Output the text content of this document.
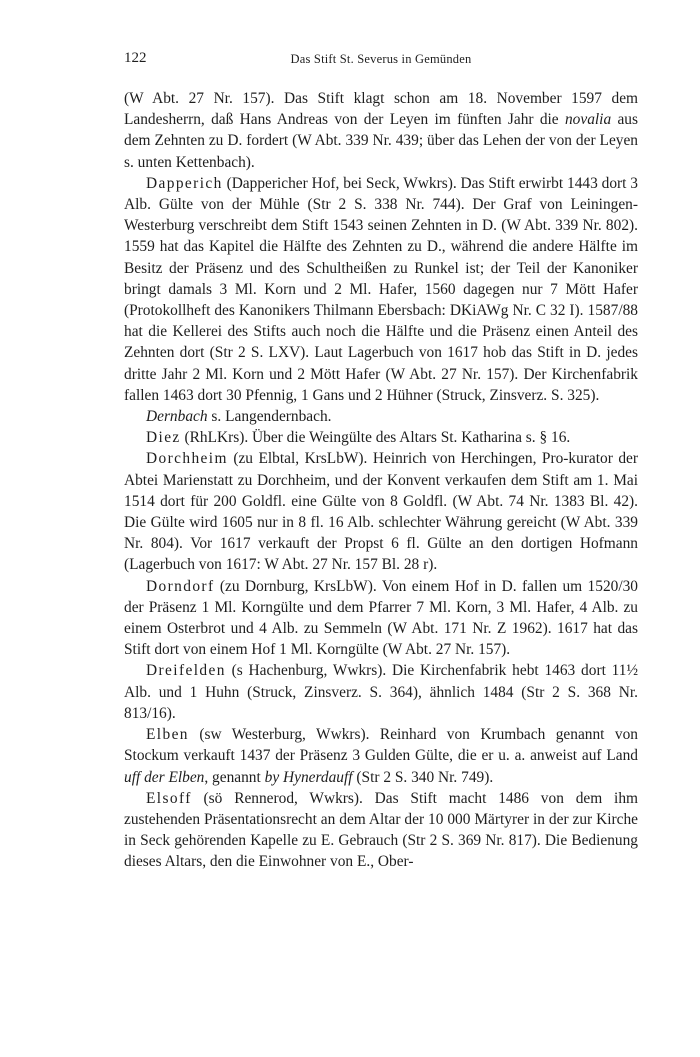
122	Das Stift St. Severus in Gemünden

(W Abt. 27 Nr. 157). Das Stift klagt schon am 18. November 1597 dem Landesherrn, daß Hans Andreas von der Leyen im fünften Jahr die novalia aus dem Zehnten zu D. fordert (W Abt. 339 Nr. 439; über das Lehen der von der Leyen s. unten Kettenbach).

Dapperich (Dappericher Hof, bei Seck, Wwkrs). Das Stift erwirbt 1443 dort 3 Alb. Gülte von der Mühle (Str 2 S. 338 Nr. 744). Der Graf von Leiningen-Westerburg verschreibt dem Stift 1543 seinen Zehnten in D. (W Abt. 339 Nr. 802). 1559 hat das Kapitel die Hälfte des Zehnten zu D., während die andere Hälfte im Besitz der Präsenz und des Schultheißen zu Runkel ist; der Teil der Kanoniker bringt damals 3 Ml. Korn und 2 Ml. Hafer, 1560 dagegen nur 7 Mött Hafer (Protokollheft des Kanonikers Thilmann Ebersbach: DKiAWg Nr. C 32 I). 1587/88 hat die Kellerei des Stifts auch noch die Hälfte und die Präsenz einen Anteil des Zehnten dort (Str 2 S. LXV). Laut Lagerbuch von 1617 hob das Stift in D. jedes dritte Jahr 2 Ml. Korn und 2 Mött Hafer (W Abt. 27 Nr. 157). Der Kirchenfabrik fallen 1463 dort 30 Pfennig, 1 Gans und 2 Hühner (Struck, Zinsverz. S. 325).

Dernbach s. Langendernbach.

Diez (RhLKrs). Über die Weingülte des Altars St. Katharina s. § 16.

Dorchheim (zu Elbtal, KrsLbW). Heinrich von Herchingen, Pro-kurator der Abtei Marienstatt zu Dorchheim, und der Konvent verkaufen dem Stift am 1. Mai 1514 dort für 200 Goldfl. eine Gülte von 8 Goldfl. (W Abt. 74 Nr. 1383 Bl. 42). Die Gülte wird 1605 nur in 8 fl. 16 Alb. schlechter Währung gereicht (W Abt. 339 Nr. 804). Vor 1617 verkauft der Propst 6 fl. Gülte an den dortigen Hofmann (Lagerbuch von 1617: W Abt. 27 Nr. 157 Bl. 28 r).

Dorndorf (zu Dornburg, KrsLbW). Von einem Hof in D. fallen um 1520/30 der Präsenz 1 Ml. Korngülte und dem Pfarrer 7 Ml. Korn, 3 Ml. Hafer, 4 Alb. zu einem Osterbrot und 4 Alb. zu Semmeln (W Abt. 171 Nr. Z 1962). 1617 hat das Stift dort von einem Hof 1 Ml. Korngülte (W Abt. 27 Nr. 157).

Dreifelden (s Hachenburg, Wwkrs). Die Kirchenfabrik hebt 1463 dort 11½ Alb. und 1 Huhn (Struck, Zinsverz. S. 364), ähnlich 1484 (Str 2 S. 368 Nr. 813/16).

Elben (sw Westerburg, Wwkrs). Reinhard von Krumbach genannt von Stockum verkauft 1437 der Präsenz 3 Gulden Gülte, die er u. a. anweist auf Land uff der Elben, genannt by Hynerdauff (Str 2 S. 340 Nr. 749).

Elsoff (sö Rennerod, Wwkrs). Das Stift macht 1486 von dem ihm zustehenden Präsentationsrecht an dem Altar der 10 000 Märtyrer in der zur Kirche in Seck gehörenden Kapelle zu E. Gebrauch (Str 2 S. 369 Nr. 817). Die Bedienung dieses Altars, den die Einwohner von E., Ober-
